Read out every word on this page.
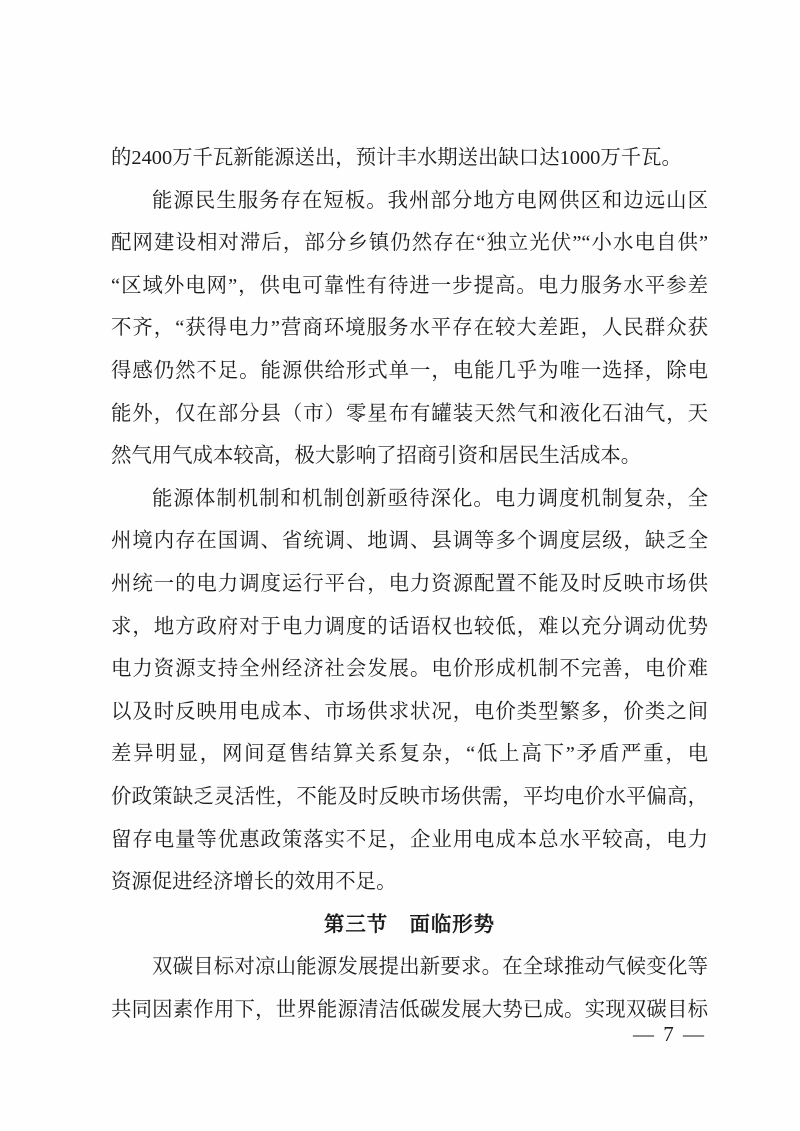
的2400万千瓦新能源送出，预计丰水期送出缺口达1000万千瓦。
能源民生服务存在短板。我州部分地方电网供区和边远山区
配网建设相对滞后，部分乡镇仍然存在“独立光伏”“小水电自供”
“区域外电网”，供电可靠性有待进一步提高。电力服务水平参差
不齐，“获得电力”营商环境服务水平存在较大差距，人民群众获
得感仍然不足。能源供给形式单一，电能几乎为唯一选择，除电
能外，仅在部分县（市）零星布有罐装天然气和液化石油气，天
然气用气成本较高，极大影响了招商引资和居民生活成本。
能源体制机制和机制创新亟待深化。电力调度机制复杂，全
州境内存在国调、省统调、地调、县调等多个调度层级，缺乏全
州统一的电力调度运行平台，电力资源配置不能及时反映市场供
求，地方政府对于电力调度的话语权也较低，难以充分调动优势
电力资源支持全州经济社会发展。电价形成机制不完善，电价难
以及时反映用电成本、市场供求状况，电价类型繁多，价类之间
差异明显，网间趸售结算关系复杂，“低上高下”矛盾严重，电
价政策缺乏灵活性，不能及时反映市场供需，平均电价水平偏高，
留存电量等优惠政策落实不足，企业用电成本总水平较高，电力
资源促进经济增长的效用不足。
第三节　面临形势
双碳目标对凉山能源发展提出新要求。在全球推动气候变化等
共同因素作用下，世界能源清洁低碳发展大势已成。实现双碳目标
— 7 —
